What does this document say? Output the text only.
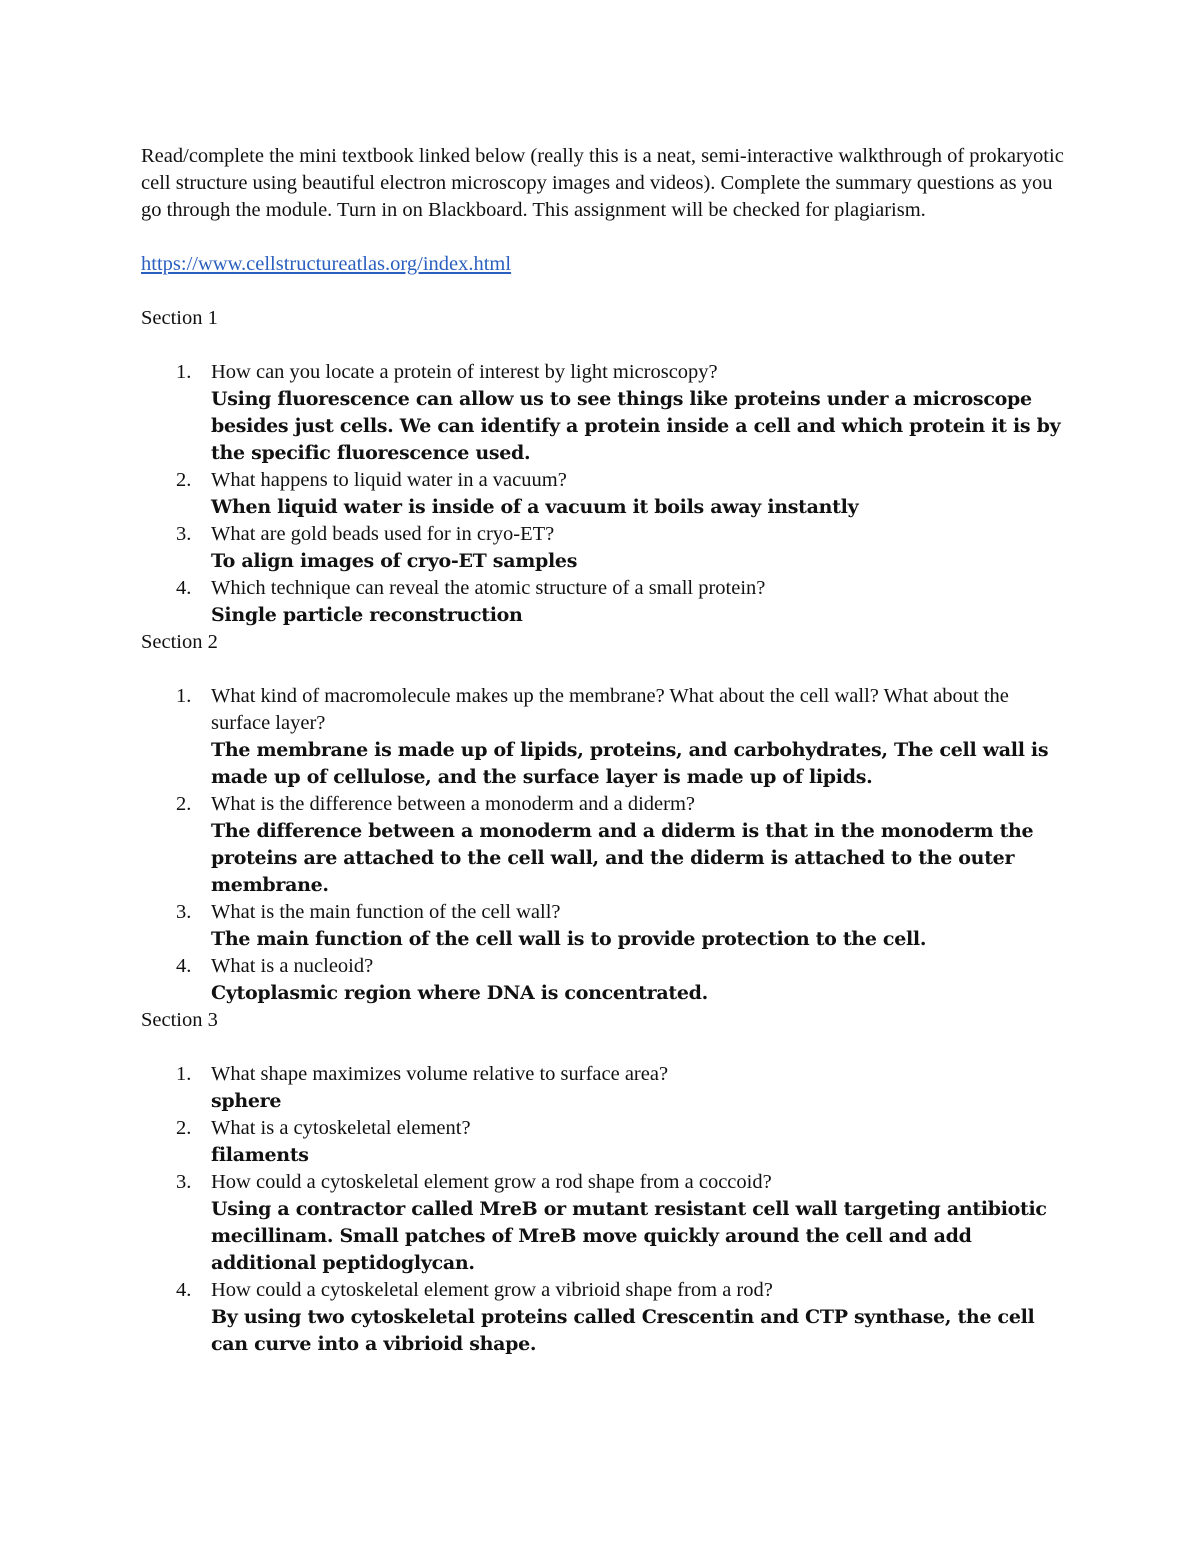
Read/complete the mini textbook linked below (really this is a neat, semi-interactive walkthrough of prokaryotic cell structure using beautiful electron microscopy images and videos). Complete the summary questions as you go through the module. Turn in on Blackboard. This assignment will be checked for plagiarism.

https://www.cellstructureatlas.org/index.html

Section 1

1. How can you locate a protein of interest by light microscopy?
Using fluorescence can allow us to see things like proteins under a microscope besides just cells. We can identify a protein inside a cell and which protein it is by the specific fluorescence used.
2. What happens to liquid water in a vacuum?
When liquid water is inside of a vacuum it boils away instantly
3. What are gold beads used for in cryo-ET?
To align images of cryo-ET samples
4. Which technique can reveal the atomic structure of a small protein?
Single particle reconstruction

Section 2

1. What kind of macromolecule makes up the membrane? What about the cell wall? What about the surface layer?
The membrane is made up of lipids, proteins, and carbohydrates, The cell wall is made up of cellulose, and the surface layer is made up of lipids.
2. What is the difference between a monoderm and a diderm?
The difference between a monoderm and a diderm is that in the monoderm the proteins are attached to the cell wall, and the diderm is attached to the outer membrane.
3. What is the main function of the cell wall?
The main function of the cell wall is to provide protection to the cell.
4. What is a nucleoid?
Cytoplasmic region where DNA is concentrated.

Section 3

1. What shape maximizes volume relative to surface area?
sphere
2. What is a cytoskeletal element?
filaments
3. How could a cytoskeletal element grow a rod shape from a coccoid?
Using a contractor called MreB or mutant resistant cell wall targeting antibiotic mecillinam. Small patches of MreB move quickly around the cell and add additional peptidoglycan.
4. How could a cytoskeletal element grow a vibrioid shape from a rod?
By using two cytoskeletal proteins called Crescentin and CTP synthase, the cell can curve into a vibrioid shape.
